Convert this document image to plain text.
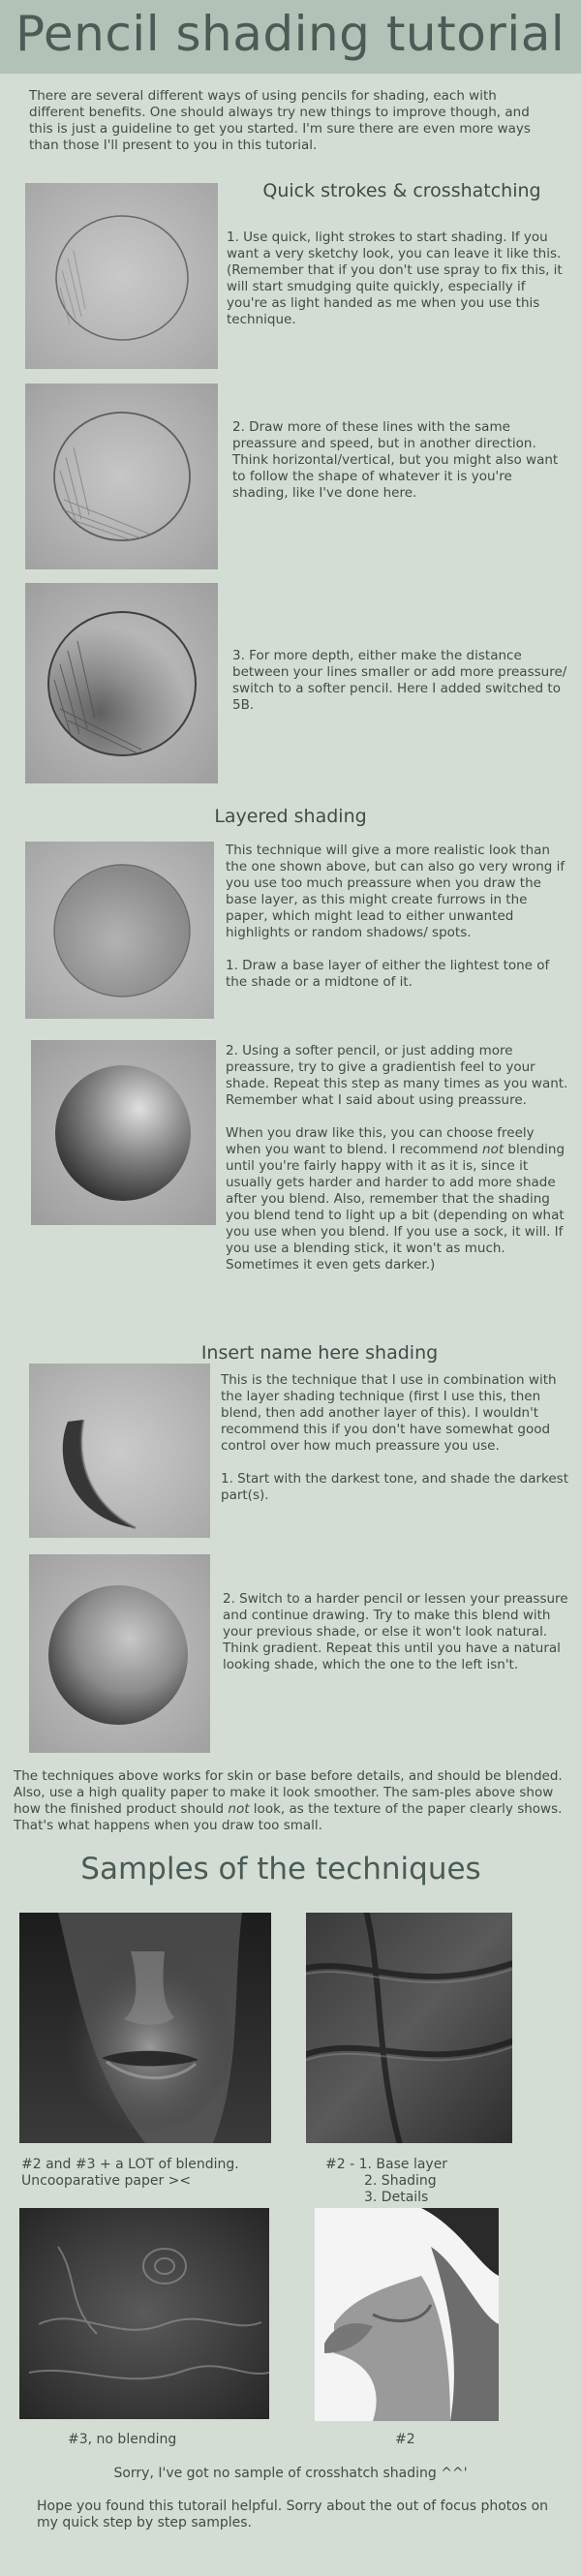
Pencil shading tutorial
There are several different ways of using pencils for shading, each with different benefits. One should always try new things to improve though, and this is just a guideline to get you started. I'm sure there are even more ways than those I'll present to you in this tutorial.
Quick strokes & crosshatching
1. Use quick, light strokes to start shading. If you want a very sketchy look, you can leave it like this. (Remember that if you don't use spray to fix this, it will start smudging quite quickly, especially if you're as light handed as me when you use this technique.
2. Draw more of these lines with the same preassure and speed, but in another direction. Think horizontal/vertical, but you might also want to follow the shape of whatever it is you're shading, like I've done here.
3. For more depth, either make the distance between your lines smaller or add more preassure/ switch to a softer pencil. Here I added switched to 5B.
Layered shading

This technique will give a more realistic look than the one shown above, but can also go very wrong if you use too much preassure when you draw the base layer, as this might create furrows in the paper, which might lead to either unwanted highlights or random shadows/ spots.

1. Draw a base layer of either the lightest tone of the shade or a midtone of it.

2. Using a softer pencil, or just adding more preassure, try to give a gradientish feel to your shade. Repeat this step as many times as you want. Remember what I said about using preassure.

When you draw like this, you can choose freely when you want to blend. I recommend not blending until you're fairly happy with it as it is, since it usually gets harder and harder to add more shade after you blend. Also, remember that the shading you blend tend to light up a bit (depending on what you use when you blend. If you use a sock, it will. If you use a blending stick, it won't as much. Sometimes it even gets darker.)

Insert name here shading

This is the technique that I use in combination with the layer shading technique (first I use this, then blend, then add another layer of this). I wouldn't recommend this if you don't have somewhat good control over how much preassure you use.

1. Start with the darkest tone, and shade the darkest part(s).

2. Switch to a harder pencil or lessen your preassure and continue drawing. Try to make this blend with your previous shade, or else it won't look natural. Think gradient. Repeat this until you have a natural looking shade, which the one to the left isn't.
The techniques above works for skin or base before details, and should be blended. Also, use a high quality paper to make it look smoother. The sam-ples above show how the finished product should not look, as the texture of the paper clearly shows. That's what happens when you draw too small.
Samples of the techniques
#2 and #3 + a LOT of blending. Uncooparative paper ><
#2 - 1. Base layer
2. Shading
3. Details
#3, no blending	#2
Sorry, I've got no sample of crosshatch shading ^^'
Hope you found this tutorail helpful. Sorry about the out of focus photos on my quick step by step samples.
